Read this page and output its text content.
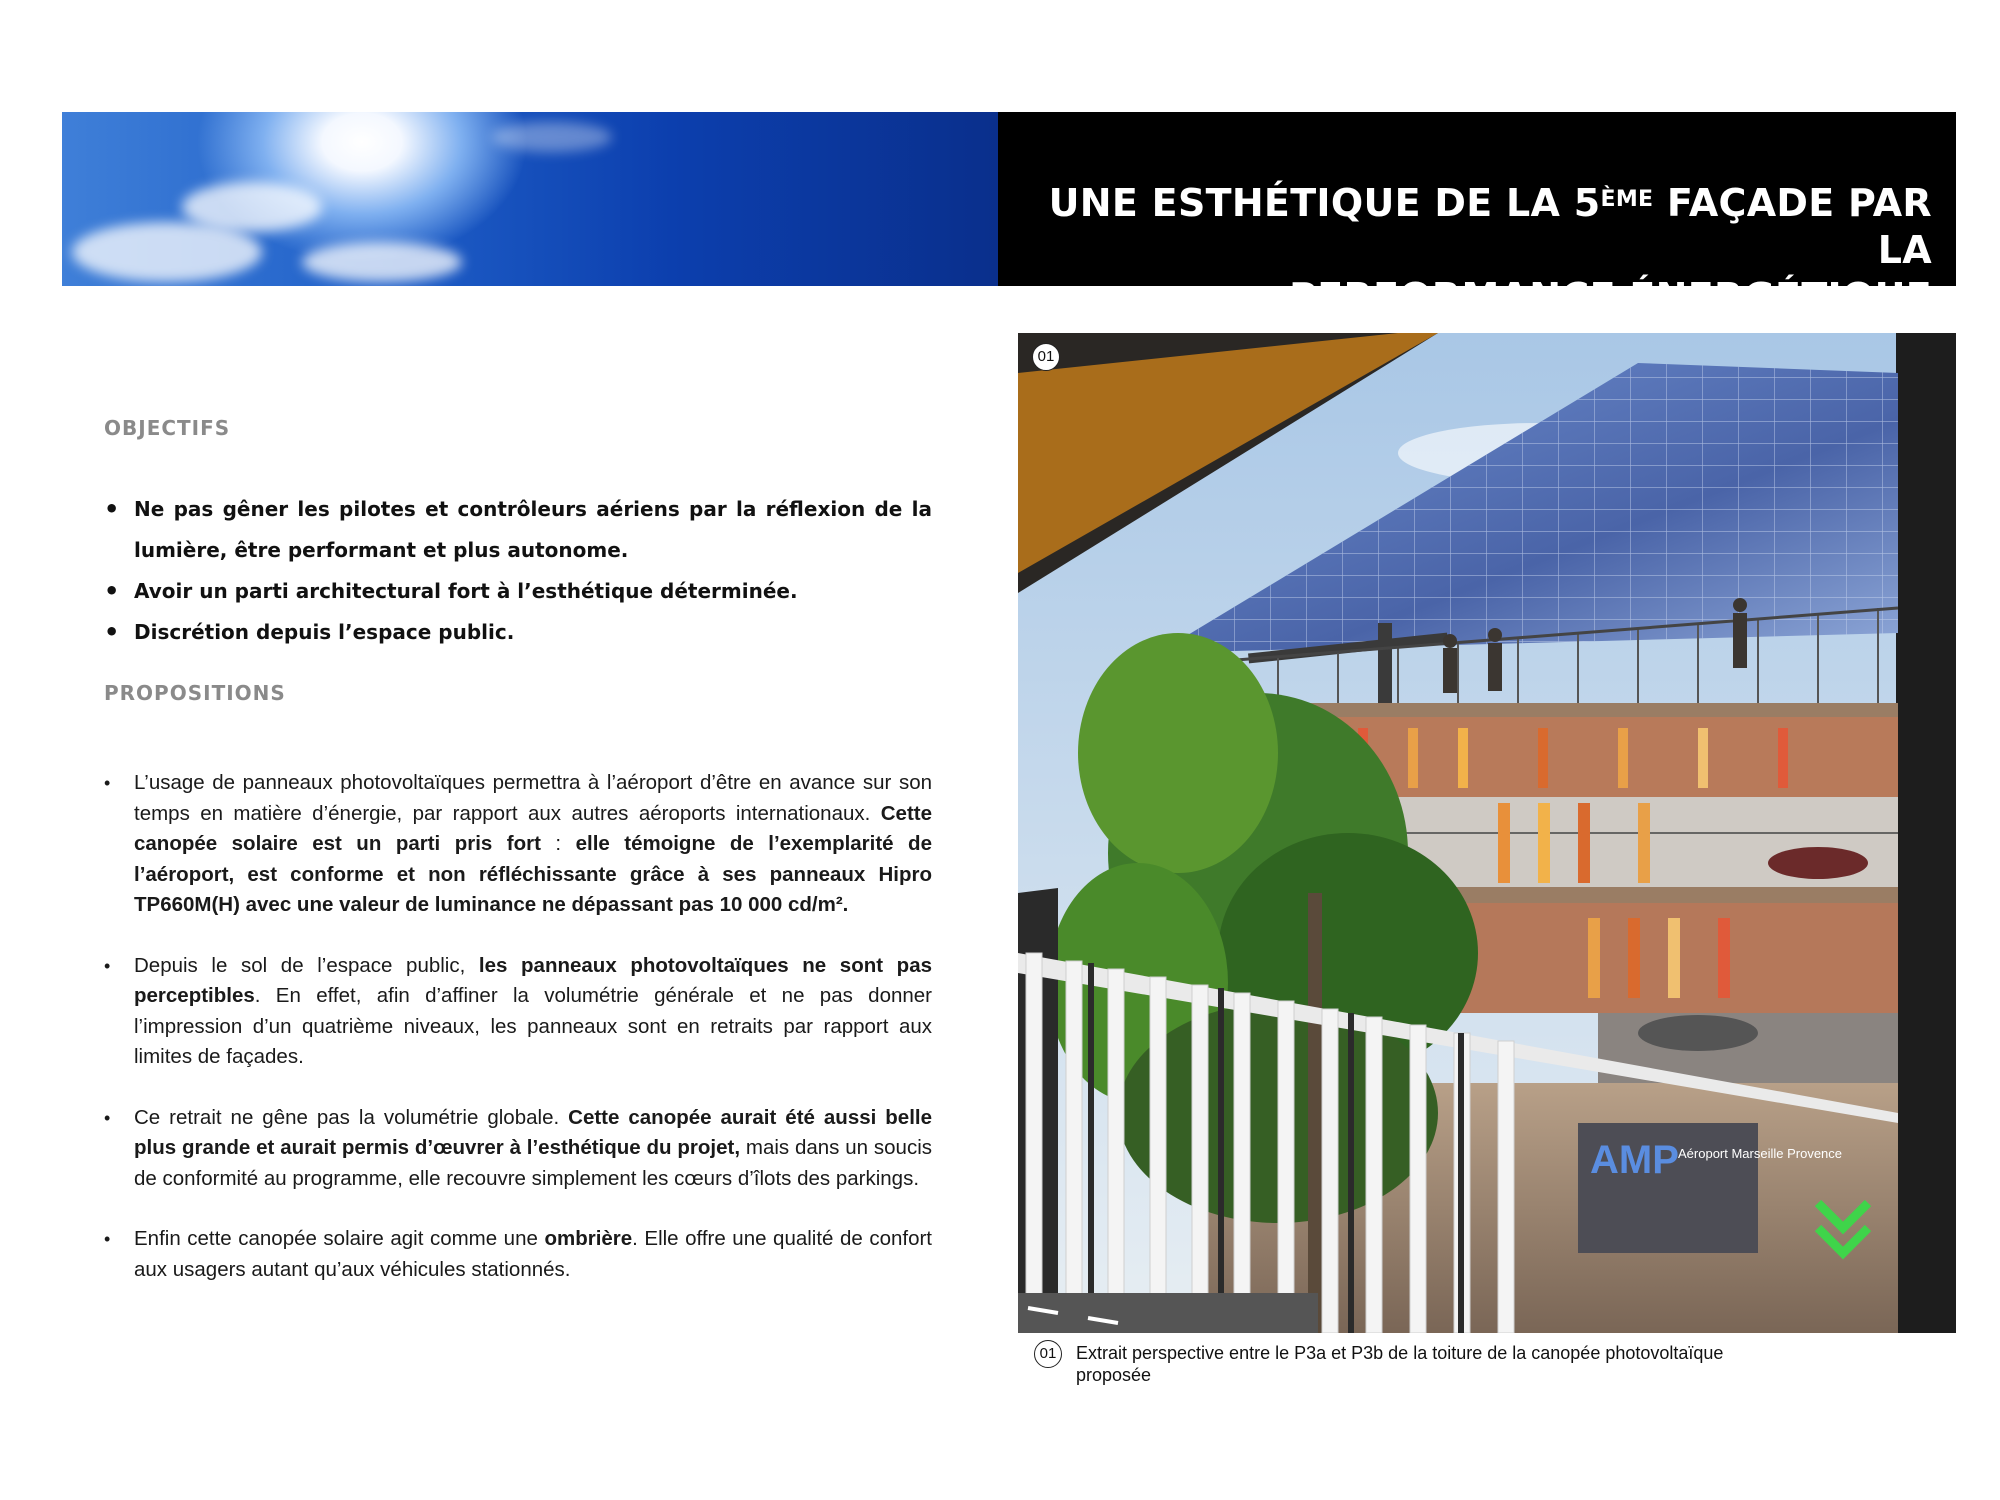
UNE ESTHÉTIQUE DE LA 5ÈME FAÇADE PAR LA
PERFORMANCE ÉNERGÉTIQUE
OBJECTIFS
• Ne pas gêner les pilotes et contrôleurs aériens par la réflexion de la lumière, être performant et plus autonome.
• Avoir un parti architectural fort à l’esthétique déterminée.
• Discrétion depuis l’espace public.
PROPOSITIONS
• L’usage de panneaux photovoltaïques permettra à l’aéroport d’être en avance sur son temps en matière d’énergie, par rapport aux autres aéroports internationaux. Cette canopée solaire est un parti pris fort : elle témoigne de l’exemplarité de l’aéroport, est conforme et non réfléchissante grâce à ses panneaux Hipro TP660M(H) avec une valeur de luminance ne dépassant pas 10 000 cd/m².
• Depuis le sol de l’espace public, les panneaux photovoltaïques ne sont pas perceptibles. En effet, afin d’affiner la volumétrie générale et ne pas donner l’impression d’un quatrième niveaux, les panneaux sont en retraits par rapport aux limites de façades.
• Ce retrait ne gêne pas la volumétrie globale. Cette canopée aurait été aussi belle plus grande et aurait permis d’œuvrer à l’esthétique du projet, mais dans un soucis de conformité au programme, elle recouvre simplement les cœurs d’îlots des parkings.
• Enfin cette canopée solaire agit comme une ombrière. Elle offre une qualité de confort aux usagers autant qu’aux véhicules stationnés.
AMP Aéroport Marseille Provence
01
01	Extrait perspective entre le P3a et P3b de la toiture de la canopée photovoltaïque proposée
